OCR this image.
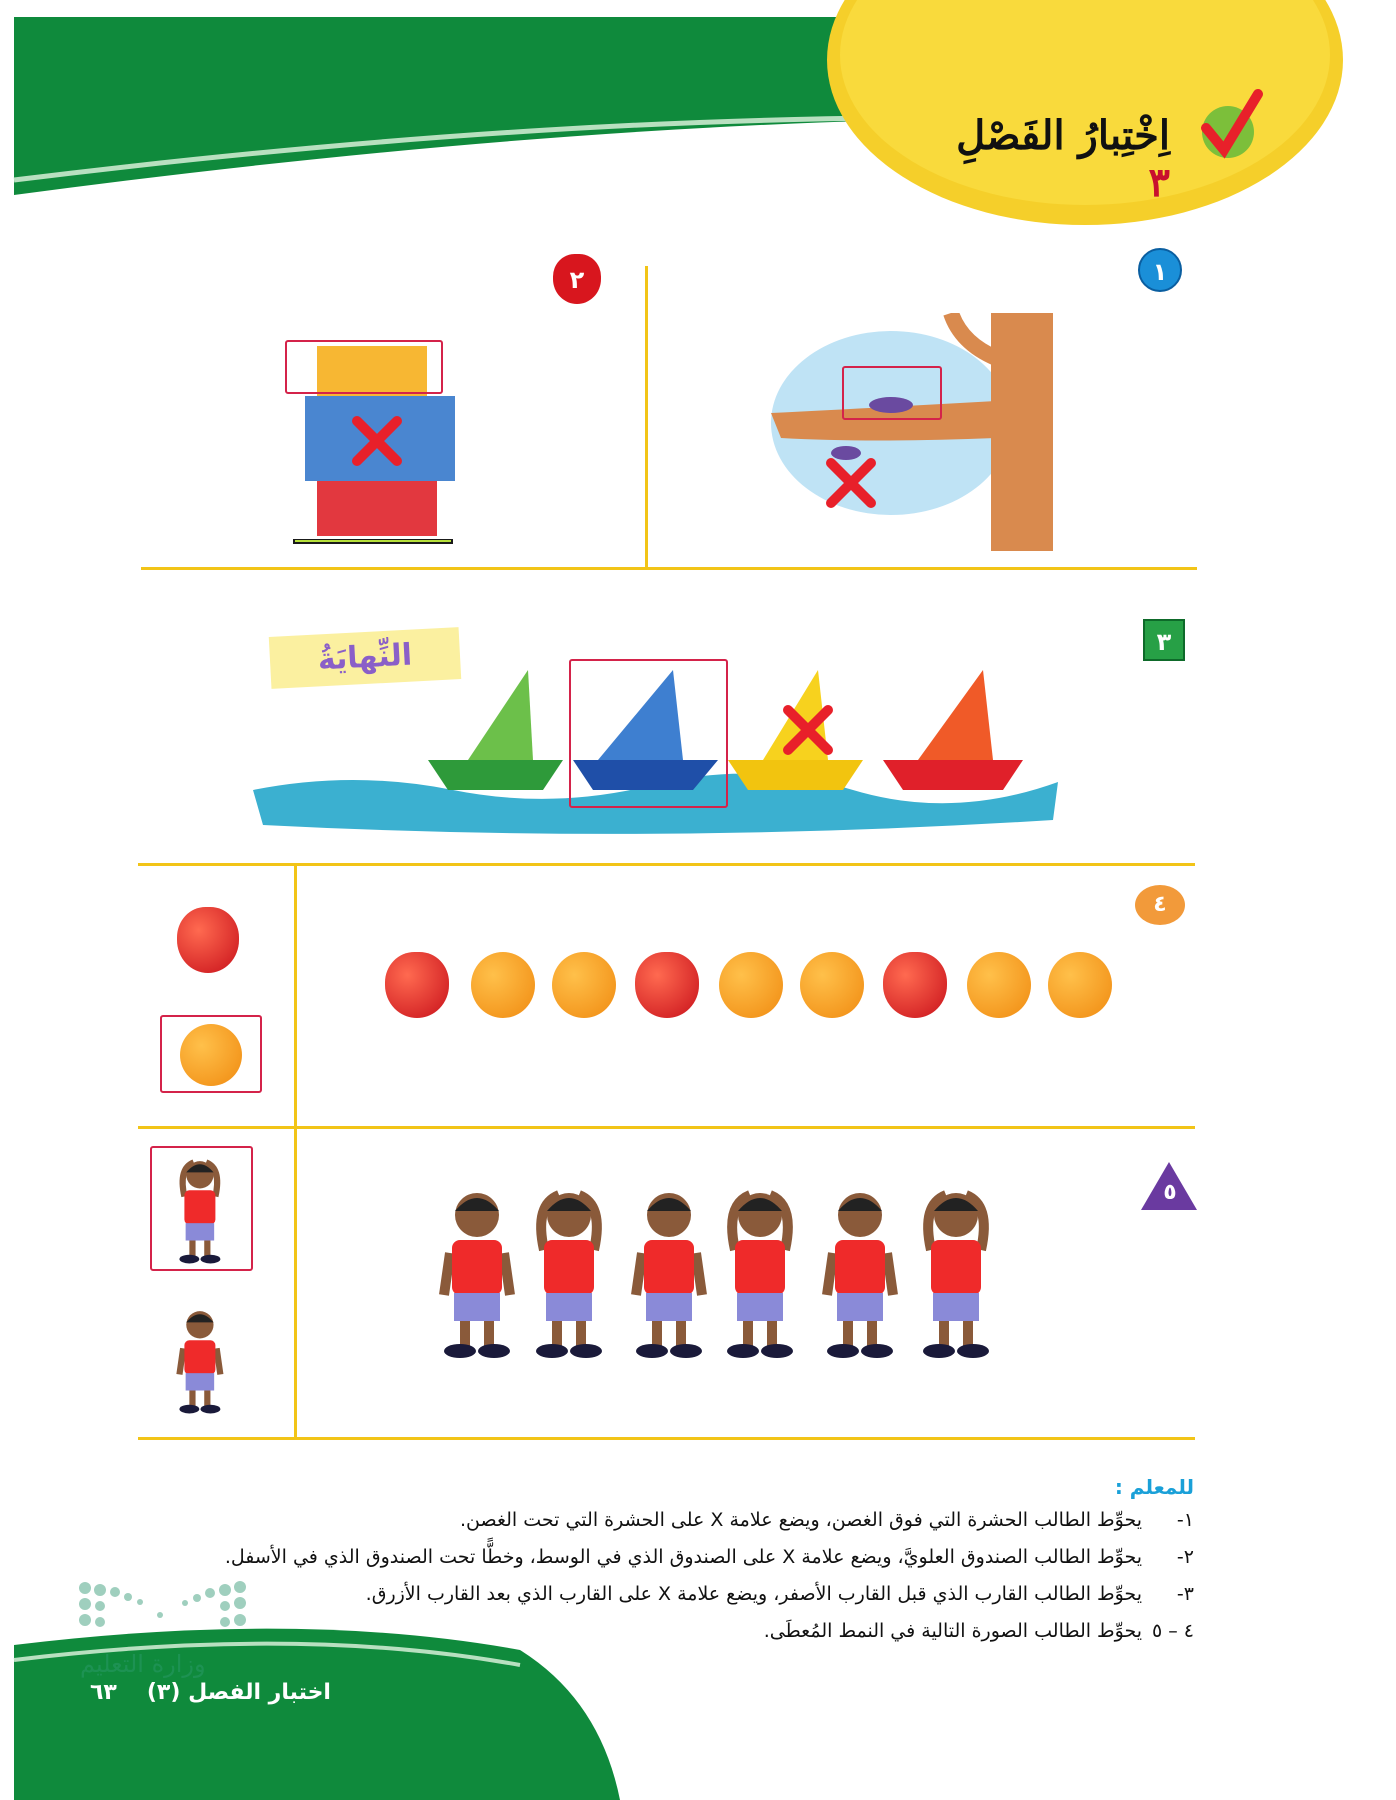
اِخْتِبارُ الفَصْلِ ٣
١
٢
٣
النِّهايَةُ
٤
٥
للمعلم :
١-
يحوِّط الطالب الحشرة التي فوق الغصن، ويضع علامة X على الحشرة التي تحت الغصن.
٢-
يحوِّط الطالب الصندوق العلويَّ، ويضع علامة X على الصندوق الذي في الوسط، وخطًّا تحت الصندوق الذي في الأسفل.
٣-
يحوِّط الطالب القارب الذي قبل القارب الأصفر، ويضع علامة X على القارب الذي بعد القارب الأزرق.
٤ – ٥
يحوِّط الطالب الصورة التالية في النمط المُعطَى.
وزارة التعليم
اختبار الفصل (٣)
٦٣
